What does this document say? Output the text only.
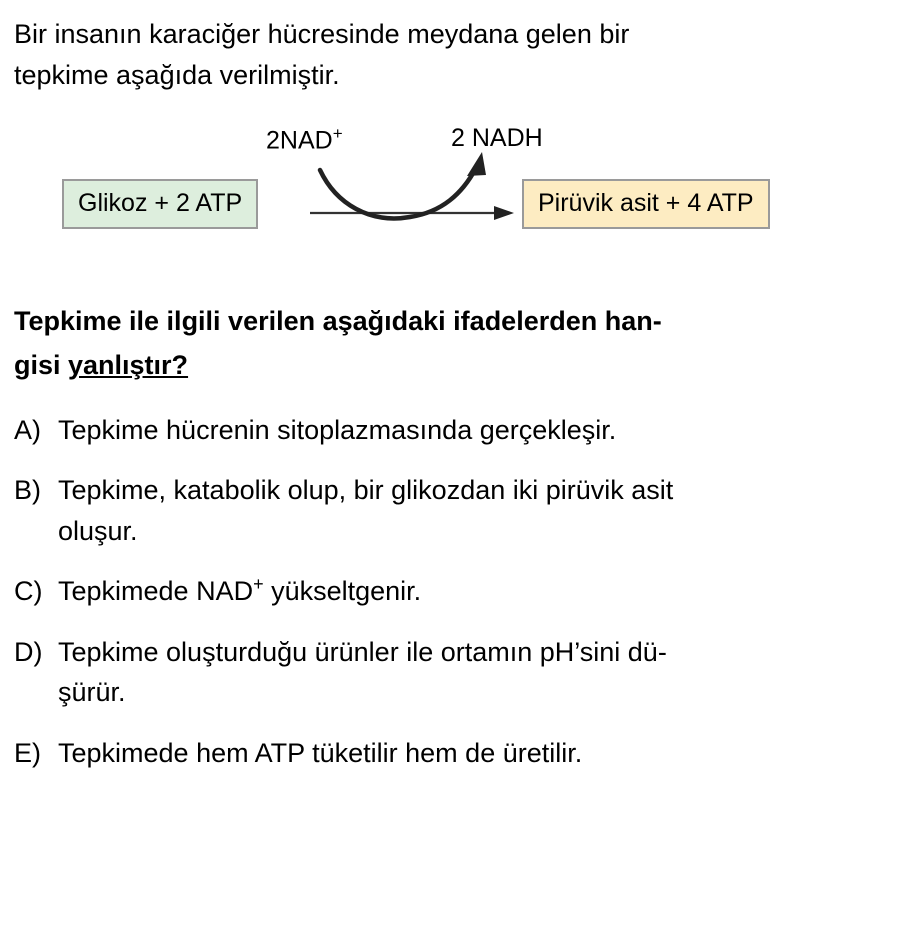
Bir insanın karaciğer hücresinde meydana gelen bir
tepkime aşağıda verilmiştir.
2NAD+	2 NADH
Glikoz + 2 ATP	Pirüvik asit + 4 ATP
Tepkime ile ilgili verilen aşağıdaki ifadelerden han-
gisi yanlıştır?
A) Tepkime hücrenin sitoplazmasında gerçekleşir.
B) Tepkime, katabolik olup, bir glikozdan iki pirüvik asit
oluşur.
C) Tepkimede NAD+ yükseltgenir.
D) Tepkime oluşturduğu ürünler ile ortamın pH’sini dü-
şürür.
E) Tepkimede hem ATP tüketilir hem de üretilir.
